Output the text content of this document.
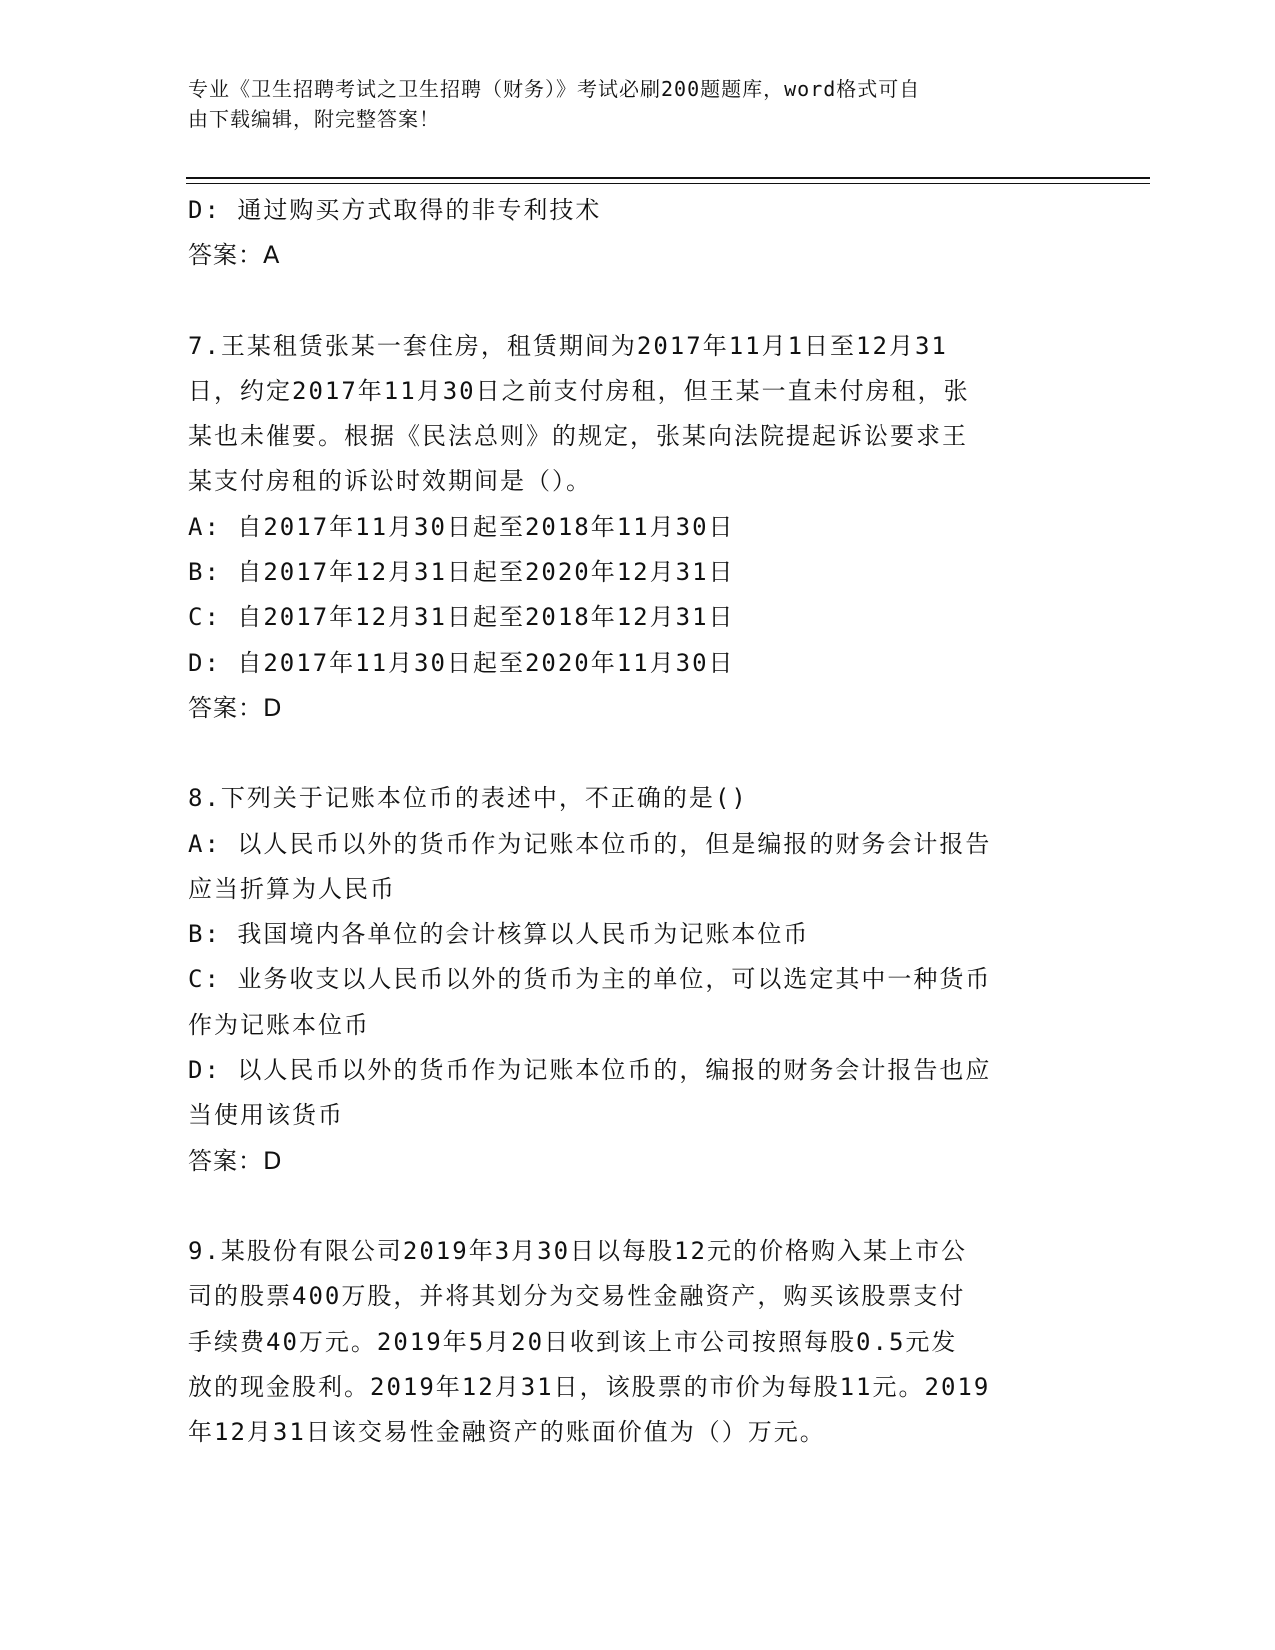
专业《卫生招聘考试之卫生招聘（财务）》考试必刷200题题库，word格式可自
由下载编辑，附完整答案！
D: 通过购买方式取得的非专利技术
答案：A
7.王某租赁张某一套住房，租赁期间为2017年11月1日至12月31
日，约定2017年11月30日之前支付房租，但王某一直未付房租，张
某也未催要。根据《民法总则》的规定，张某向法院提起诉讼要求王
某支付房租的诉讼时效期间是（）。
A: 自2017年11月30日起至2018年11月30日
B: 自2017年12月31日起至2020年12月31日
C: 自2017年12月31日起至2018年12月31日
D: 自2017年11月30日起至2020年11月30日
答案：D
8.下列关于记账本位币的表述中，不正确的是()
A: 以人民币以外的货币作为记账本位币的，但是编报的财务会计报告
应当折算为人民币
B: 我国境内各单位的会计核算以人民币为记账本位币
C: 业务收支以人民币以外的货币为主的单位，可以选定其中一种货币
作为记账本位币
D: 以人民币以外的货币作为记账本位币的，编报的财务会计报告也应
当使用该货币
答案：D
9.某股份有限公司2019年3月30日以每股12元的价格购入某上市公
司的股票400万股，并将其划分为交易性金融资产，购买该股票支付
手续费40万元。2019年5月20日收到该上市公司按照每股0.5元发
放的现金股利。2019年12月31日，该股票的市价为每股11元。2019
年12月31日该交易性金融资产的账面价值为（）万元。
